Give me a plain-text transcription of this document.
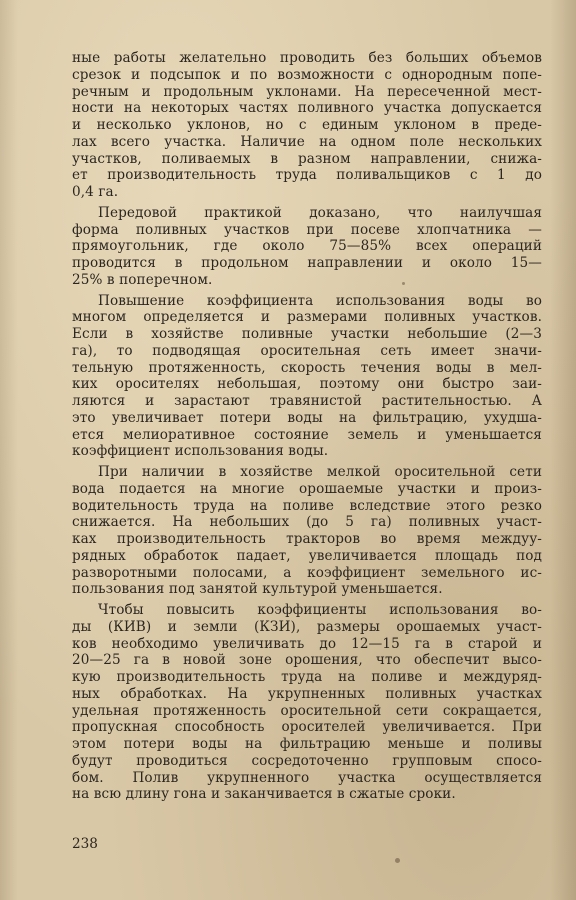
ные работы желательно проводить без больших объемов
срезок и подсыпок и по возможности с однородным попе-
речным и продольным уклонами. На пересеченной мест-
ности на некоторых частях поливного участка допускается
и несколько уклонов, но с единым уклоном в преде-
лах всего участка. Наличие на одном поле нескольких
участков, поливаемых в разном направлении, снижа-
ет производительность труда поливальщиков с 1 до
0,4 га.
Передовой практикой доказано, что наилучшая
форма поливных участков при посеве хлопчатника —
прямоугольник, где около 75—85% всех операций
проводится в продольном направлении и около 15—
25% в поперечном.
Повышение коэффициента использования воды во
многом определяется и размерами поливных участков.
Если в хозяйстве поливные участки небольшие (2—3
га), то подводящая оросительная сеть имеет значи-
тельную протяженность, скорость течения воды в мел-
ких оросителях небольшая, поэтому они быстро заи-
ляются и зарастают травянистой растительностью. А
это увеличивает потери воды на фильтрацию, ухудша-
ется мелиоративное состояние земель и уменьшается
коэффициент использования воды.
При наличии в хозяйстве мелкой оросительной сети
вода подается на многие орошаемые участки и произ-
водительность труда на поливе вследствие этого резко
снижается. На небольших (до 5 га) поливных участ-
ках производительность тракторов во время междуу-
рядных обработок падает, увеличивается площадь под
разворотными полосами, а коэффициент земельного ис-
пользования под занятой культурой уменьшается.
Чтобы повысить коэффициенты использования во-
ды (КИВ) и земли (КЗИ), размеры орошаемых участ-
ков необходимо увеличивать до 12—15 га в старой и
20—25 га в новой зоне орошения, что обеспечит высо-
кую производительность труда на поливе и междуряд-
ных обработках. На укрупненных поливных участках
удельная протяженность оросительной сети сокращается,
пропускная способность оросителей увеличивается. При
этом потери воды на фильтрацию меньше и поливы
будут проводиться сосредоточенно групповым спосо-
бом. Полив укрупненного участка осуществляется
на всю длину гона и заканчивается в сжатые сроки.
238
